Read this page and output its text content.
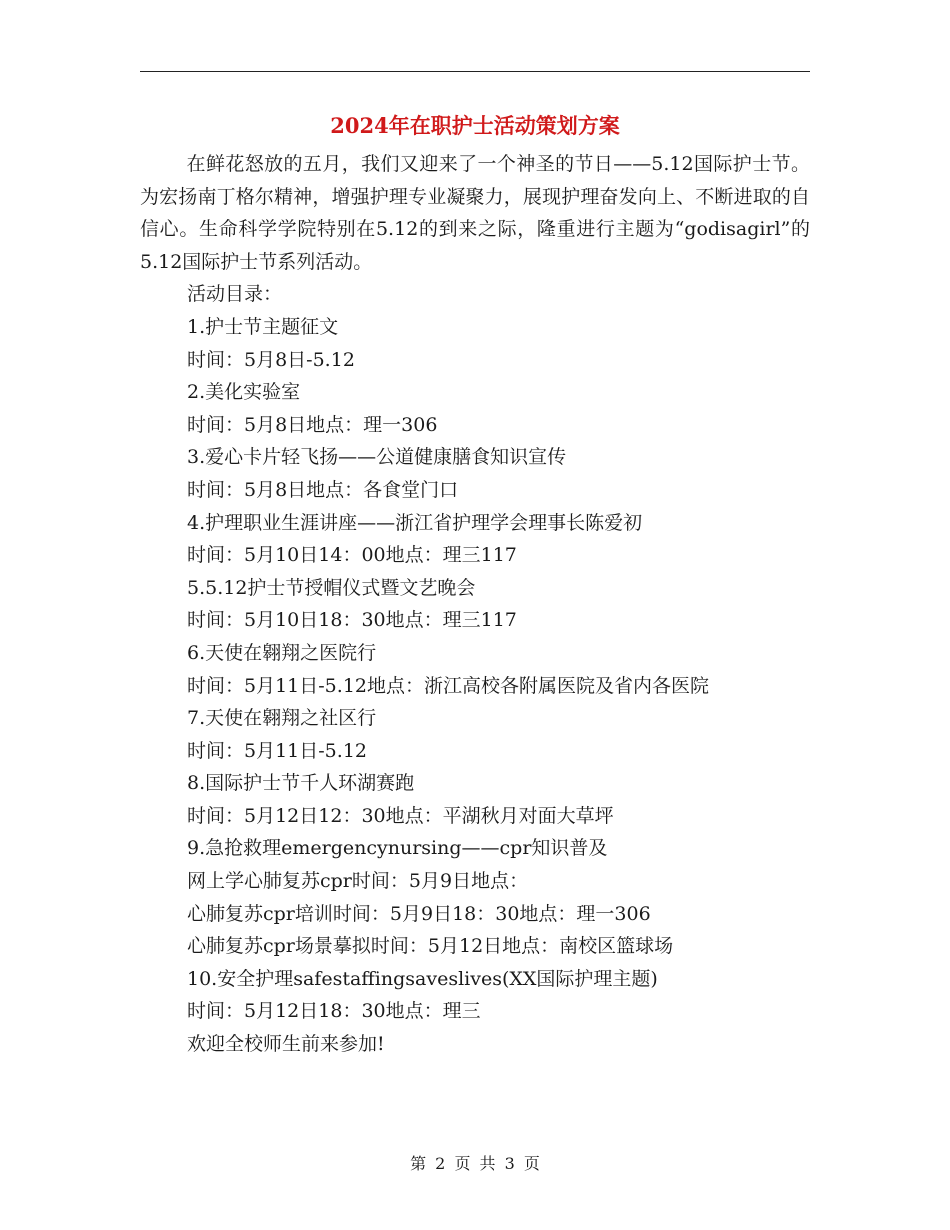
2024年在职护士活动策划方案

在鲜花怒放的五月，我们又迎来了一个神圣的节日——5.12国际护士节。为宏扬南丁格尔精神，增强护理专业凝聚力，展现护理奋发向上、不断进取的自信心。生命科学学院特别在5.12的到来之际，隆重进行主题为“godisagirl”的5.12国际护士节系列活动。

活动目录：

1.护士节主题征文

时间：5月8日-5.12

2.美化实验室

时间：5月8日地点：理一306

3.爱心卡片轻飞扬——公道健康膳食知识宣传

时间：5月8日地点：各食堂门口

4.护理职业生涯讲座——浙江省护理学会理事长陈爱初

时间：5月10日14：00地点：理三117

5.5.12护士节授帽仪式暨文艺晚会

时间：5月10日18：30地点：理三117

6.天使在翱翔之医院行

时间：5月11日-5.12地点：浙江高校各附属医院及省内各医院

7.天使在翱翔之社区行

时间：5月11日-5.12

8.国际护士节千人环湖赛跑

时间：5月12日12：30地点：平湖秋月对面大草坪

9.急抢救理emergencynursing——cpr知识普及

网上学心肺复苏cpr时间：5月9日地点：

心肺复苏cpr培训时间：5月9日18：30地点：理一306

心肺复苏cpr场景摹拟时间：5月12日地点：南校区篮球场

10.安全护理safestaffingsaveslives(XX国际护理主题)

时间：5月12日18：30地点：理三

欢迎全校师生前来参加!

第 2 页 共 3 页
